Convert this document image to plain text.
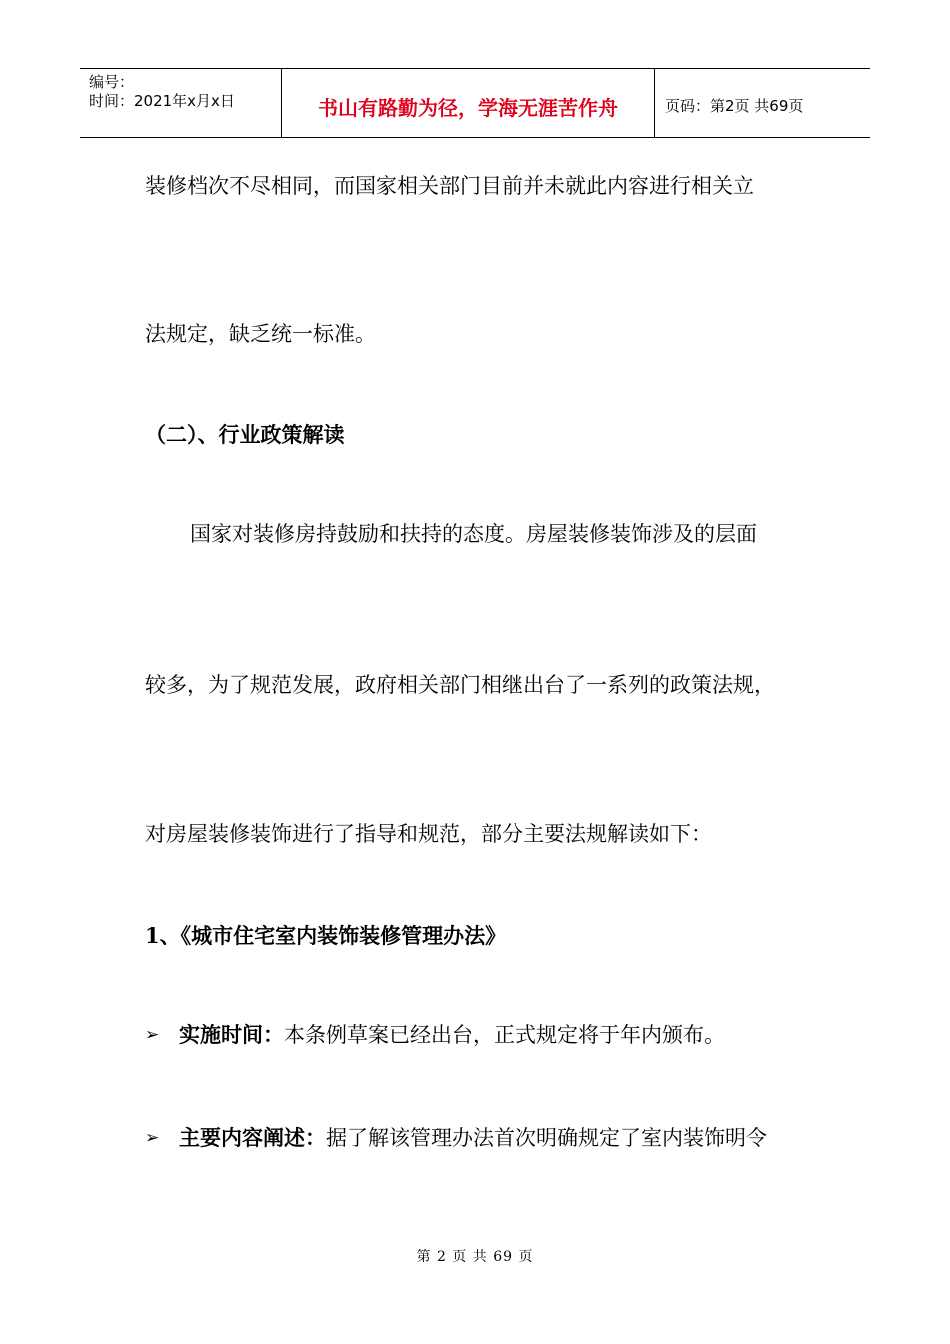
编号：
时间：2021年x月x日	书山有路勤为径，学海无涯苦作舟	页码：第2页 共69页
装修档次不尽相同，而国家相关部门目前并未就此内容进行相关立
法规定，缺乏统一标准。
（二）、行业政策解读
国家对装修房持鼓励和扶持的态度。房屋装修装饰涉及的层面
较多，为了规范发展，政府相关部门相继出台了一系列的政策法规，
对房屋装修装饰进行了指导和规范，部分主要法规解读如下：
1、《城市住宅室内装饰装修管理办法》
➢ 实施时间： 本条例草案已经出台，正式规定将于年内颁布。
➢ 主要内容阐述： 据了解该管理办法首次明确规定了室内装饰明令
第 2 页 共 69 页
